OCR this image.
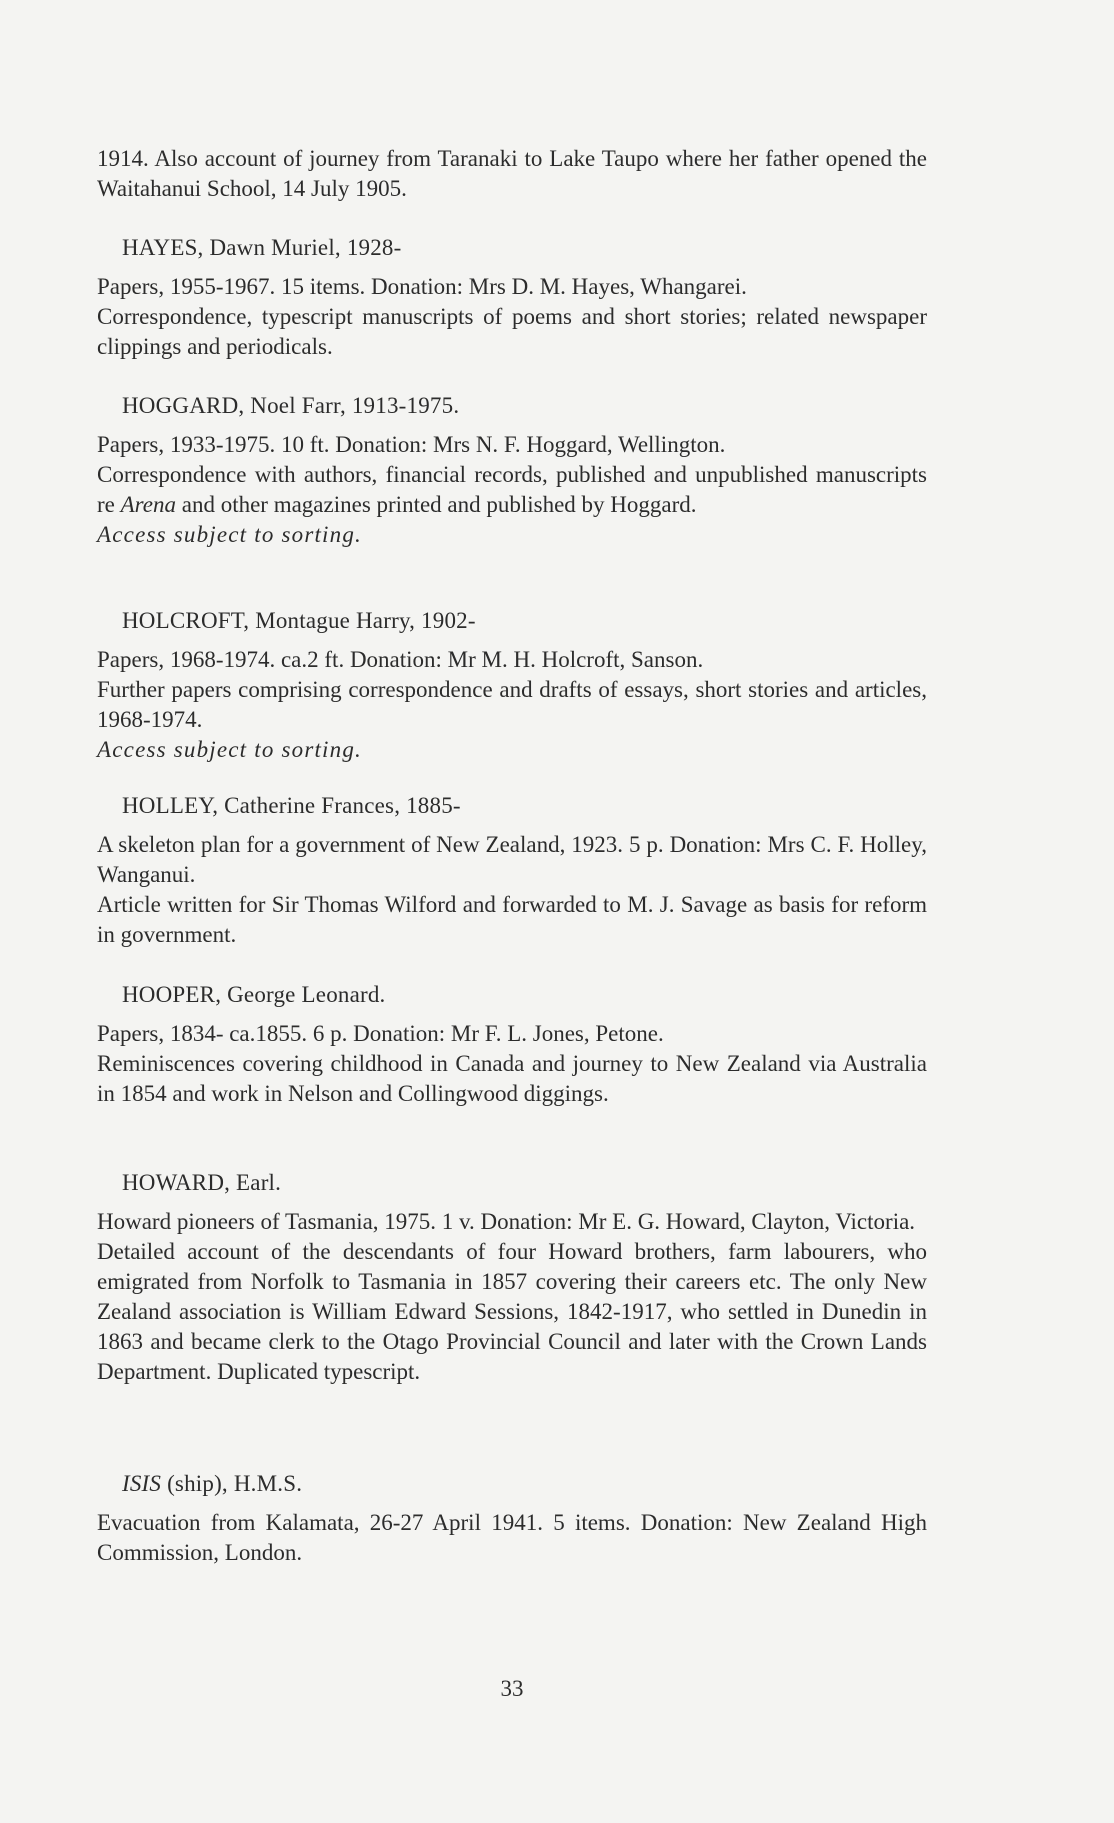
1914. Also account of journey from Taranaki to Lake Taupo where her father opened the Waitahanui School, 14 July 1905.

HAYES, Dawn Muriel, 1928-

Papers, 1955-1967. 15 items. Donation: Mrs D. M. Hayes, Whangarei.

Correspondence, typescript manuscripts of poems and short stories; related newspaper clippings and periodicals.

HOGGARD, Noel Farr, 1913-1975.

Papers, 1933-1975. 10 ft. Donation: Mrs N. F. Hoggard, Wellington.

Correspondence with authors, financial records, published and unpublished manuscripts re Arena and other magazines printed and published by Hoggard.

Access subject to sorting.

HOLCROFT, Montague Harry, 1902-

Papers, 1968-1974. ca.2 ft. Donation: Mr M. H. Holcroft, Sanson.

Further papers comprising correspondence and drafts of essays, short stories and articles, 1968-1974.

Access subject to sorting.

HOLLEY, Catherine Frances, 1885-

A skeleton plan for a government of New Zealand, 1923. 5 p. Donation: Mrs C. F. Holley, Wanganui.

Article written for Sir Thomas Wilford and forwarded to M. J. Savage as basis for reform in government.

HOOPER, George Leonard.

Papers, 1834- ca.1855. 6 p. Donation: Mr F. L. Jones, Petone.

Reminiscences covering childhood in Canada and journey to New Zealand via Australia in 1854 and work in Nelson and Collingwood diggings.

HOWARD, Earl.

Howard pioneers of Tasmania, 1975. 1 v. Donation: Mr E. G. Howard, Clayton, Victoria.

Detailed account of the descendants of four Howard brothers, farm labourers, who emigrated from Norfolk to Tasmania in 1857 covering their careers etc. The only New Zealand association is William Edward Sessions, 1842-1917, who settled in Dunedin in 1863 and became clerk to the Otago Provincial Council and later with the Crown Lands Department. Duplicated typescript.

ISIS (ship), H.M.S.

Evacuation from Kalamata, 26-27 April 1941. 5 items. Donation: New Zealand High Commission, London.

33
